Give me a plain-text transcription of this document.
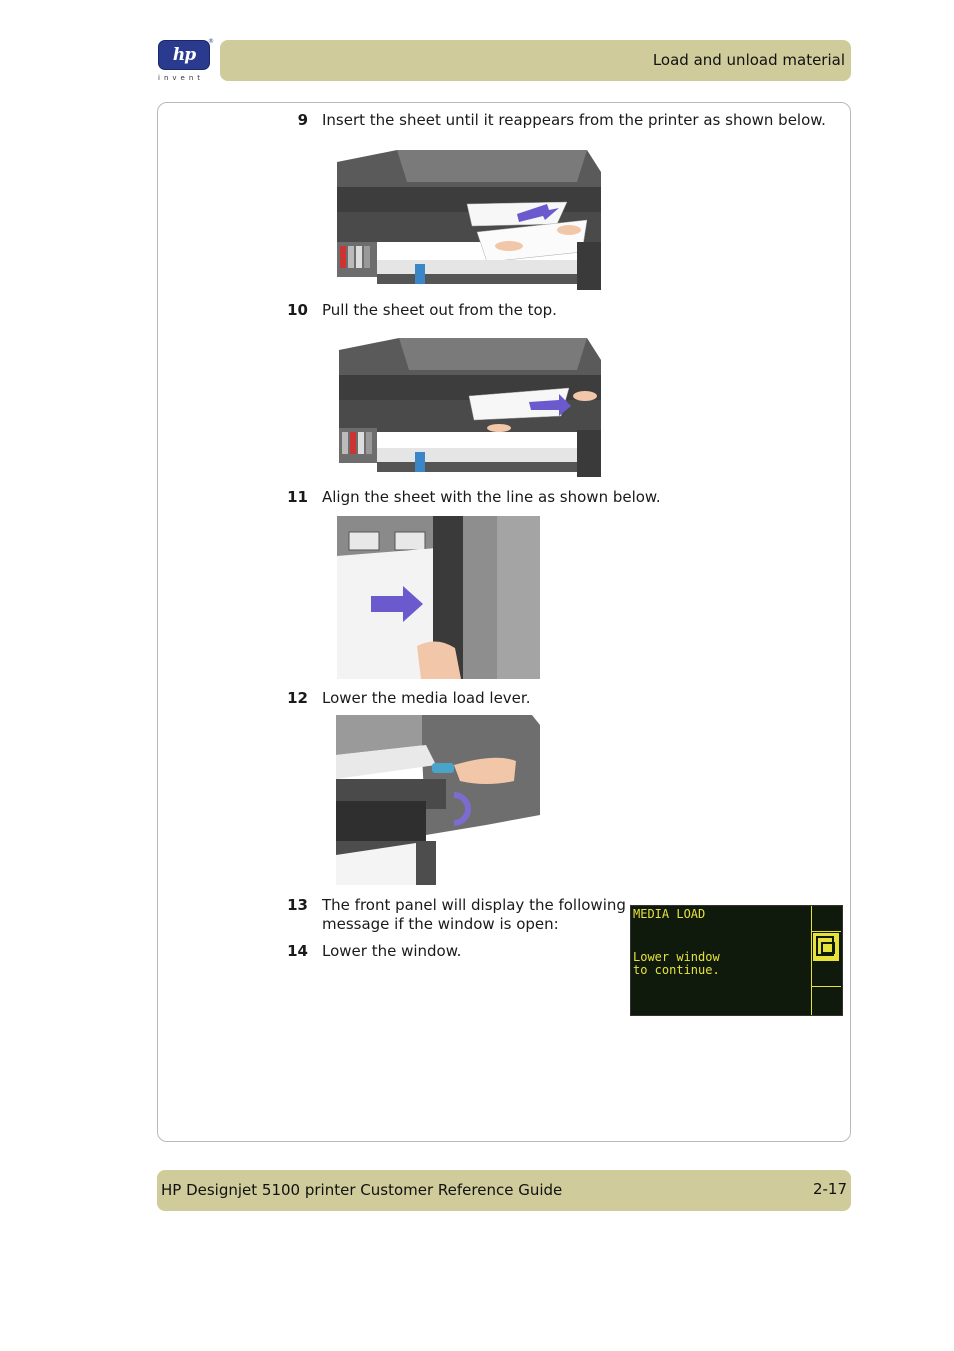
hp
®
invent
Load and unload material
9 Insert the sheet until it reappears from the printer as shown below.
10 Pull the sheet out from the top.
11 Align the sheet with the line as shown below.
12 Lower the media load lever.
13 The front panel will display the following
message if the window is open:
14 Lower the window.
MEDIA LOAD
Lower window
to continue.
HP Designjet 5100 printer Customer Reference Guide	2-17
